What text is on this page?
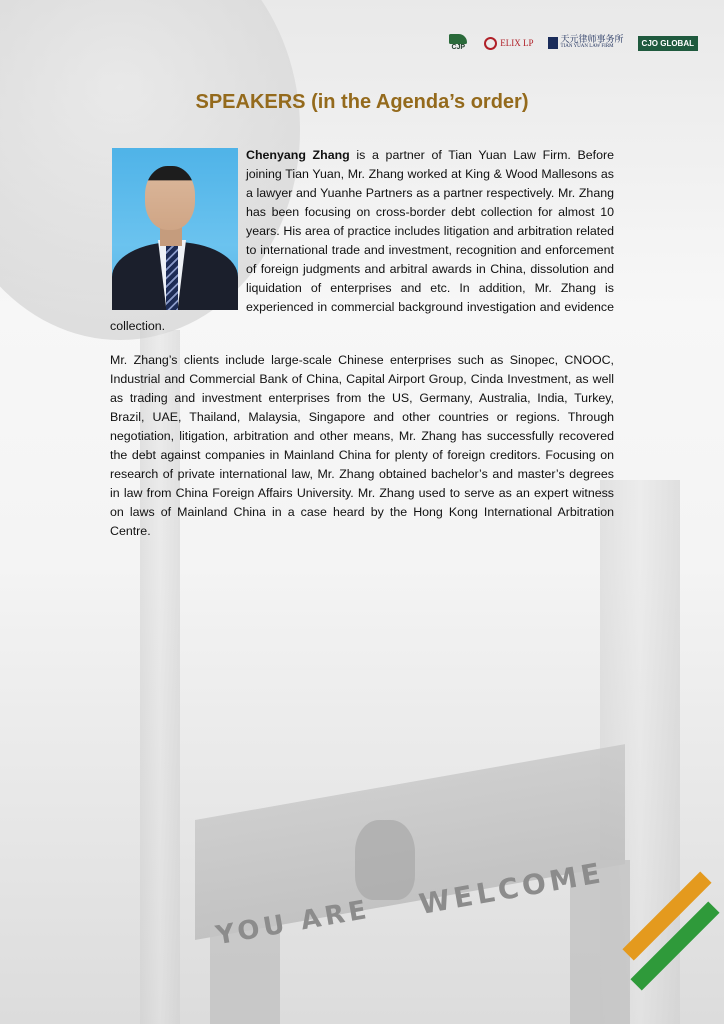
YOU ARE
WELCOME
CJP	ELIX LP	天元律师事务所
TIAN YUAN LAW FIRM	CJO GLOBAL
SPEAKERS (in the Agenda’s order)

Chenyang Zhang is a partner of Tian Yuan Law Firm. Before joining Tian Yuan, Mr. Zhang worked at King & Wood Mallesons as a lawyer and Yuanhe Partners as a partner respectively. Mr. Zhang has been focusing on cross-border debt collection for almost 10 years. His area of practice includes litigation and arbitration related to international trade and investment, recognition and enforcement of foreign judgments and arbitral awards in China, dissolution and liquidation of enterprises and etc. In addition, Mr. Zhang is experienced in commercial background investigation and evidence collection.

Mr. Zhang’s clients include large-scale Chinese enterprises such as Sinopec, CNOOC, Industrial and Commercial Bank of China, Capital Airport Group, Cinda Investment, as well as trading and investment enterprises from the US, Germany, Australia, India, Turkey, Brazil, UAE, Thailand, Malaysia, Singapore and other countries or regions. Through negotiation, litigation, arbitration and other means, Mr. Zhang has successfully recovered the debt against companies in Mainland China for plenty of foreign creditors. Focusing on research of private international law, Mr. Zhang obtained bachelor’s and master’s degrees in law from China Foreign Affairs University. Mr. Zhang used to serve as an expert witness on laws of Mainland China in a case heard by the Hong Kong International Arbitration Centre.
